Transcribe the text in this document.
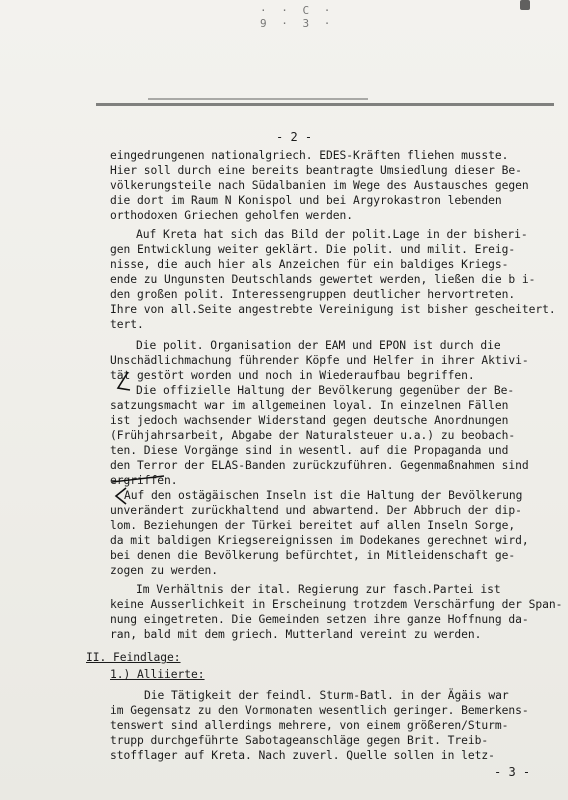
· · C · 9 · 3 ·
- 2 -
eingedrungenen nationalgriech. EDES-Kräften fliehen musste.
Hier soll durch eine bereits beantragte Umsiedlung dieser Be-
völkerungsteile nach Südalbanien im Wege des Austausches gegen
die dort im Raum N Konispol und bei Argyrokastron lebenden
orthodoxen Griechen geholfen werden.
Auf Kreta hat sich das Bild der polit.Lage in der bisheri-
gen Entwicklung weiter geklärt. Die polit. und milit. Ereig-
nisse, die auch hier als Anzeichen für ein baldiges Kriegs-
ende zu Ungunsten Deutschlands gewertet werden, ließen die b i-
den großen polit. Interessengruppen deutlicher hervortreten.
Ihre von all.Seite angestrebte Vereinigung ist bisher gescheitert.
tert.
Die polit. Organisation der EAM und EPON ist durch die
Unschädlichmachung führender Köpfe und Helfer in ihrer Aktivi-
tät gestört worden und noch in Wiederaufbau begriffen.
Die offizielle Haltung der Bevölkerung gegenüber der Be-
satzungsmacht war im allgemeinen loyal. In einzelnen Fällen
ist jedoch wachsender Widerstand gegen deutsche Anordnungen
(Frühjahrsarbeit, Abgabe der Naturalsteuer u.a.) zu beobach-
ten. Diese Vorgänge sind in wesentl. auf die Propaganda und
den Terror der ELAS-Banden zurückzuführen. Gegenmaßnahmen sind
ergriffen.
Auf den ostägäischen Inseln ist die Haltung der Bevölkerung
unverändert zurückhaltend und abwartend. Der Abbruch der dip-
lom. Beziehungen der Türkei bereitet auf allen Inseln Sorge,
da mit baldigen Kriegsereignissen im Dodekanes gerechnet wird,
bei denen die Bevölkerung befürchtet, in Mitleidenschaft ge-
zogen zu werden.
Im Verhältnis der ital. Regierung zur fasch.Partei ist
keine Ausserlichkeit in Erscheinung trotzdem Verschärfung der Span-
nung eingetreten. Die Gemeinden setzen ihre ganze Hoffnung da-
ran, bald mit dem griech. Mutterland vereint zu werden.
II. Feindlage:
1.) Alliierte:
Die Tätigkeit der feindl. Sturm-Batl. in der Ägäis war
im Gegensatz zu den Vormonaten wesentlich geringer. Bemerkens-
tenswert sind allerdings mehrere, von einem größeren/Sturm-
trupp durchgeführte Sabotageanschläge gegen Brit. Treib-
stofflager auf Kreta. Nach zuverl. Quelle sollen in letz-
- 3 -
